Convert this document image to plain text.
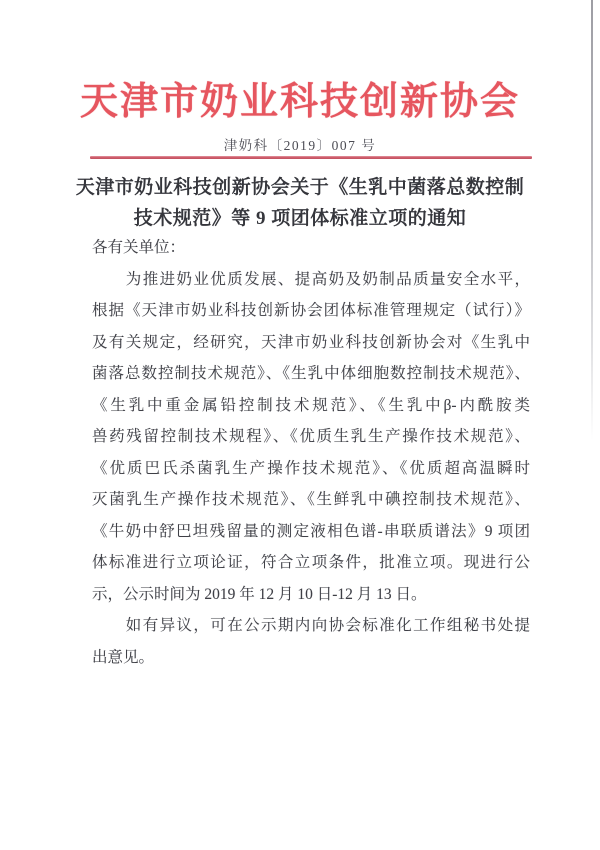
天津市奶业科技创新协会
津奶科〔2019〕007 号
天津市奶业科技创新协会关于《生乳中菌落总数控制
技术规范》等 9 项团体标准立项的通知
各有关单位：
　　为推进奶业优质发展、提高奶及奶制品质量安全水平，
根据《天津市奶业科技创新协会团体标准管理规定（试行）》
及有关规定，经研究，天津市奶业科技创新协会对《生乳中
菌落总数控制技术规范》、《生乳中体细胞数控制技术规范》、
《生乳中重金属铅控制技术规范》、《生乳中β-内酰胺类
兽药残留控制技术规程》、《优质生乳生产操作技术规范》、
《优质巴氏杀菌乳生产操作技术规范》、《优质超高温瞬时
灭菌乳生产操作技术规范》、《生鲜乳中碘控制技术规范》、
《牛奶中舒巴坦残留量的测定液相色谱-串联质谱法》9 项团
体标准进行立项论证，符合立项条件，批准立项。现进行公
示，公示时间为 2019 年 12 月 10 日-12 月 13 日。
　　如有异议，可在公示期内向协会标准化工作组秘书处提
出意见。
